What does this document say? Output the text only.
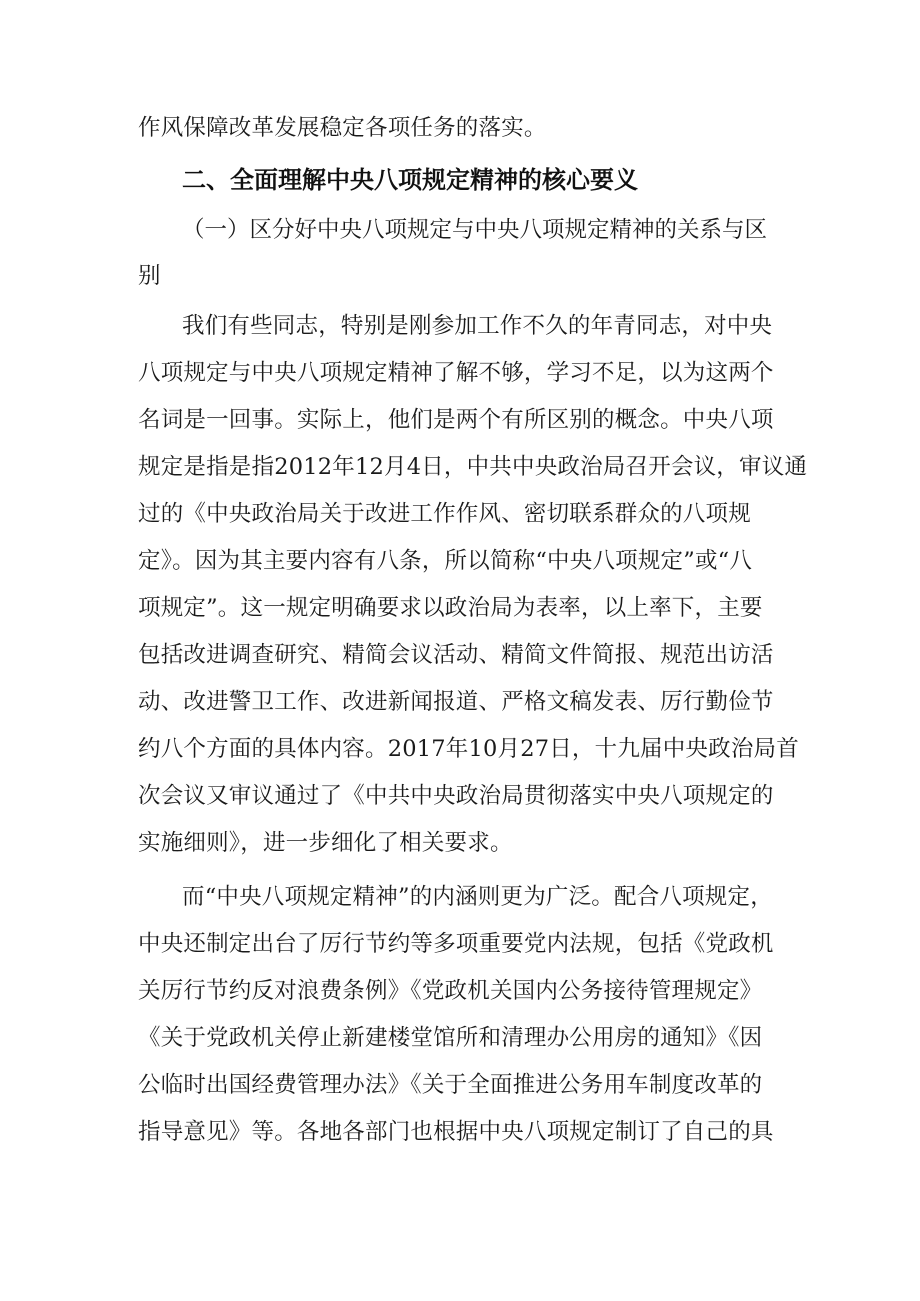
作风保障改革发展稳定各项任务的落实。
二、全面理解中央八项规定精神的核心要义
（一）区分好中央八项规定与中央八项规定精神的关系与区
别
我们有些同志，特别是刚参加工作不久的年青同志，对中央
八项规定与中央八项规定精神了解不够，学习不足，以为这两个
名词是一回事。实际上，他们是两个有所区别的概念。中央八项
规定是指是指2012年12月4日，中共中央政治局召开会议，审议通
过的《中央政治局关于改进工作作风、密切联系群众的八项规
定》。因为其主要内容有八条，所以简称“中央八项规定”或“八
项规定”。这一规定明确要求以政治局为表率，以上率下，主要
包括改进调查研究、精简会议活动、精简文件简报、规范出访活
动、改进警卫工作、改进新闻报道、严格文稿发表、厉行勤俭节
约八个方面的具体内容。2017年10月27日，十九届中央政治局首
次会议又审议通过了《中共中央政治局贯彻落实中央八项规定的
实施细则》，进一步细化了相关要求。
而“中央八项规定精神”的内涵则更为广泛。配合八项规定，
中央还制定出台了厉行节约等多项重要党内法规，包括《党政机
关厉行节约反对浪费条例》《党政机关国内公务接待管理规定》
《关于党政机关停止新建楼堂馆所和清理办公用房的通知》《因
公临时出国经费管理办法》《关于全面推进公务用车制度改革的
指导意见》等。各地各部门也根据中央八项规定制订了自己的具
